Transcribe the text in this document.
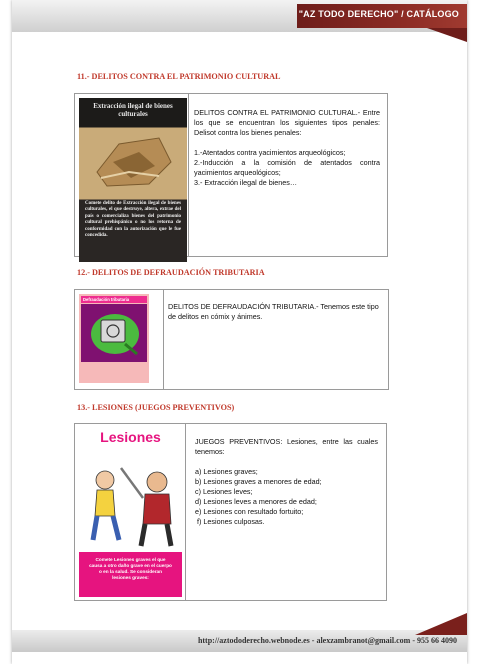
"AZ TODO DERECHO" / CATÁLOGO
11.- DELITOS CONTRA EL PATRIMONIO CULTURAL
Extracción ilegal de bienes culturales
Comete delito de Extracción ilegal de bienes culturales, el que destruye, altera, extrae del país o comercializa bienes del patrimonio cultural prehispánico o no los retorna de conformidad con la autorización que le fue concedida.
DELITOS CONTRA EL PATRIMONIO CULTURAL.- Entre los que se encuentran los siguientes tipos penales: Delisot contra los bienes penales:
1.-Atentados contra yacimientos arqueológicos;
2.-Inducción a la comisión de atentados contra yacimientos arqueológicos;
3.- Extracción ilegal de bienes…
12.- DELITOS DE DEFRAUDACIÓN TRIBUTARIA
Defraudación tributaria
DELITOS DE DEFRAUDACIÓN TRIBUTARIA.- Tenemos este tipo de delitos en cómix y ánimes.
13.- LESIONES (JUEGOS PREVENTIVOS)
Lesiones
Comete Lesiones graves el que causa a otro daño grave en el cuerpo o en la salud. Se consideran lesiones graves:
JUEGOS PREVENTIVOS: Lesiones, entre las cuales tenemos:
a) Lesiones graves;
b) Lesiones graves a menores de edad;
c) Lesiones leves;
d) Lesiones leves a menores de edad;
e) Lesiones con resultado fortuito;
f) Lesiones culposas.
http://aztododerecho.webnode.es - alexzambranot@gmail.com - 955 66 4090
